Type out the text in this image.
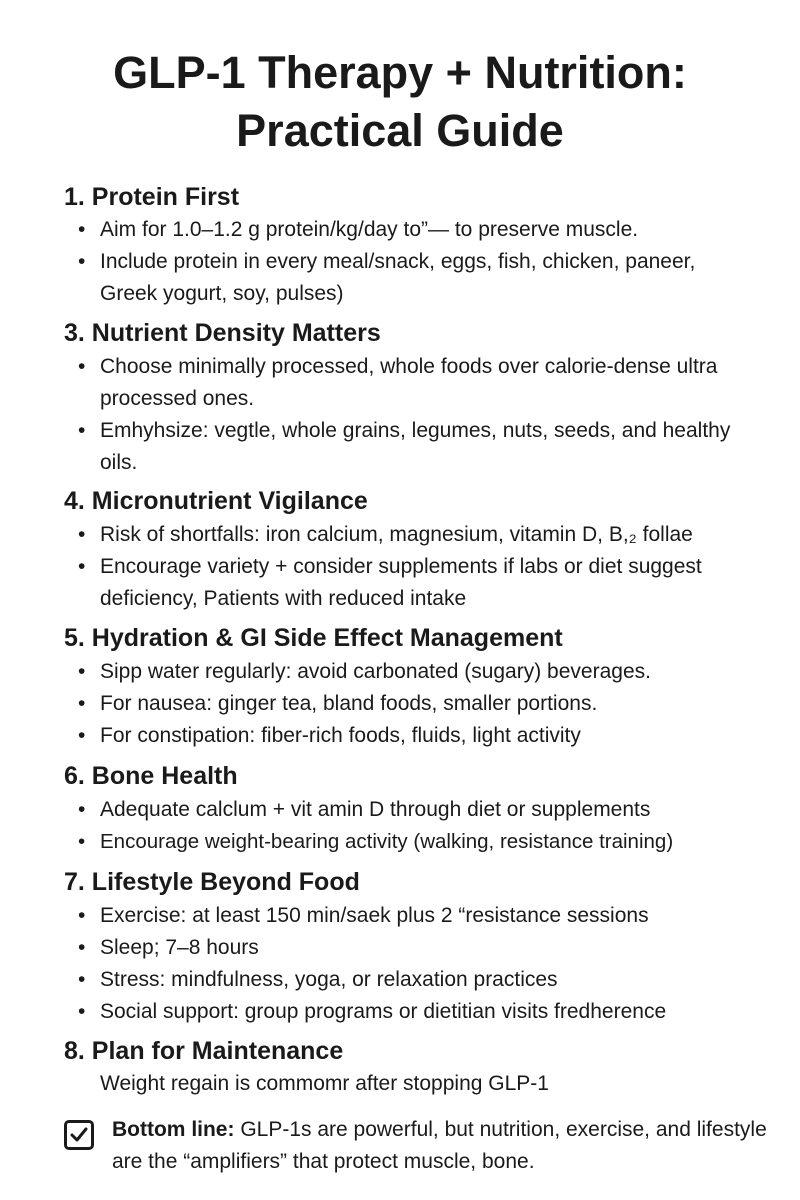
GLP-1 Therapy + Nutrition:
Practical Guide
1. Protein First
• Aim for 1.0–1.2 g protein/kg/day to”— to preserve muscle.
• Include protein in every meal/snack, eggs, fish, chicken, paneer, Greek yogurt, soy, pulses)
3. Nutrient Density Matters
• Choose minimally processed, whole foods over calorie-dense ultra processed ones.
• Emhyhsize: vegtle, whole grains, legumes, nuts, seeds, and healthy oils.
4. Micronutrient Vigilance
• Risk of shortfalls: iron calcium, magnesium, vitamin D, B,₂ follae
• Encourage variety + consider supplements if labs or diet suggest deficiency, Patients with reduced intake
5. Hydration & GI Side Effect Management
• Sipp water regularly: avoid carbonated (sugary) beverages.
• For nausea: ginger tea, bland foods, smaller portions.
• For constipation: fiber-rich foods, fluids, light activity
6. Bone Health
• Adequate calclum + vit amin D through diet or supplements
• Encourage weight-bearing activity (walking, resistance training)
7. Lifestyle Beyond Food
• Exercise: at least 150 min/saek plus 2 “resistance sessions
• Sleep; 7–8 hours
• Stress: mindfulness, yoga, or relaxation practices
• Social support: group programs or dietitian visits fredherence
8. Plan for Maintenance
Weight regain is commomr after stopping GLP-1
Bottom line: GLP-1s are powerful, but nutrition, exercise, and lifestyle are the “amplifiers” that protect muscle, bone.
